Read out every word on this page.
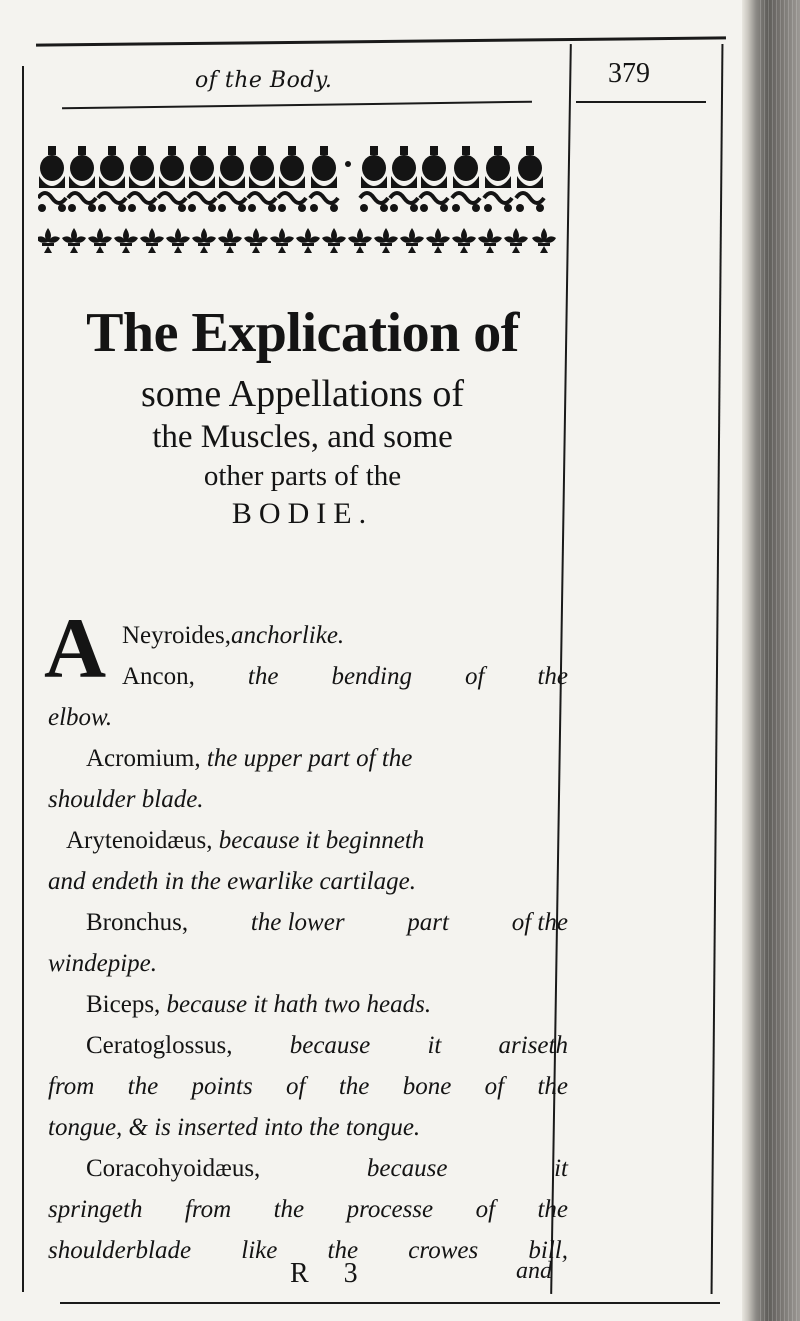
of the Body.	379
The Explication of
some Appellations of
the Muscles, and some
other parts of the
BODIE.
A Neyroides,anchorlike.
Ancon, the bending of the
elbow.
Acromium, the upper part of the
shoulder blade.
Arytenoidæus, because it beginneth
and endeth in the ewarlike cartilage.
Bronchus,	the lower	part	of the
windepipe.
Biceps, because it hath two heads.
Ceratoglossus, because it ariseth
from the points of the bone of the
tongue, & is inserted into the tongue.
Coracohyoidæus,	because	it
springeth from the processe of the
shoulderblade like the crowes bill,
R 3	and
